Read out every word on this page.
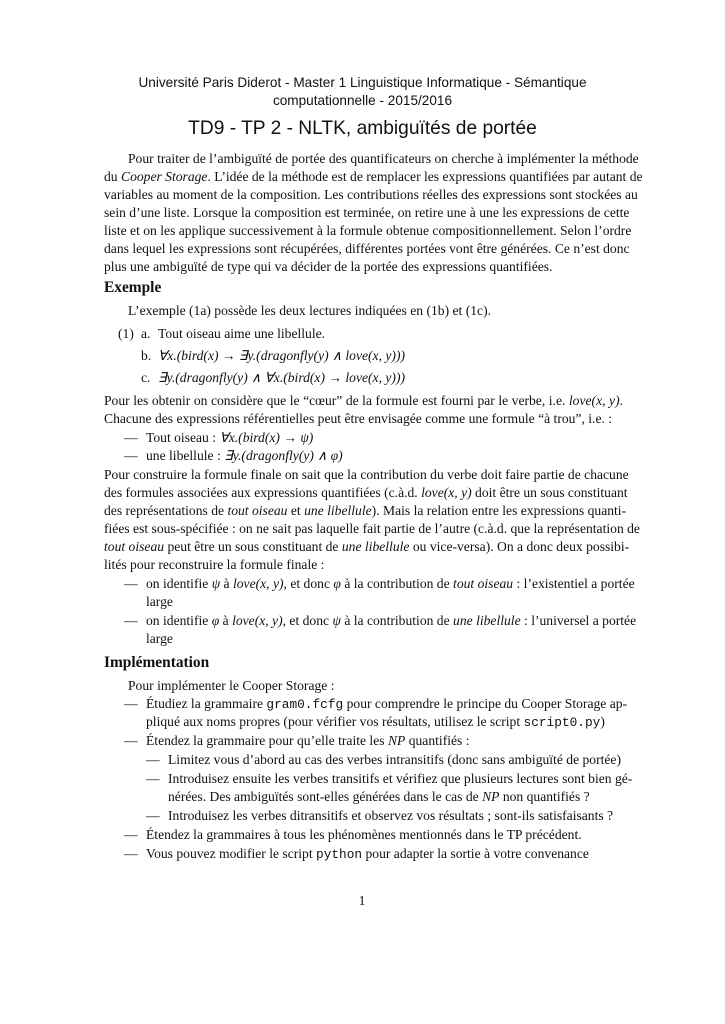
Université Paris Diderot - Master 1 Linguistique Informatique - Sémantique
computationnelle - 2015/2016
TD9 - TP 2 - NLTK, ambiguïtés de portée
Pour traiter de l’ambiguïté de portée des quantificateurs on cherche à implémenter la méthode
du Cooper Storage. L’idée de la méthode est de remplacer les expressions quantifiées par autant de
variables au moment de la composition. Les contributions réelles des expressions sont stockées au
sein d’une liste. Lorsque la composition est terminée, on retire une à une les expressions de cette
liste et on les applique successivement à la formule obtenue compositionnellement. Selon l’ordre
dans lequel les expressions sont récupérées, différentes portées vont être générées. Ce n’est donc
plus une ambiguïté de type qui va décider de la portée des expressions quantifiées.
Exemple
L’exemple (1a) possède les deux lectures indiquées en (1b) et (1c).
(1) a. Tout oiseau aime une libellule.
b. ∀x.(bird(x) → ∃y.(dragonfly(y) ∧ love(x, y)))
c. ∃y.(dragonfly(y) ∧ ∀x.(bird(x) → love(x, y)))
Pour les obtenir on considère que le “cœur” de la formule est fourni par le verbe, i.e. love(x, y).
Chacune des expressions référentielles peut être envisagée comme une formule “à trou”, i.e. :
— Tout oiseau : ∀x.(bird(x) → ψ)
— une libellule : ∃y.(dragonfly(y) ∧ φ)
Pour construire la formule finale on sait que la contribution du verbe doit faire partie de chacune
des formules associées aux expressions quantifiées (c.à.d. love(x, y) doit être un sous constituant
des représentations de tout oiseau et une libellule). Mais la relation entre les expressions quanti-
fiées est sous-spécifiée : on ne sait pas laquelle fait partie de l’autre (c.à.d. que la représentation de
tout oiseau peut être un sous constituant de une libellule ou vice-versa). On a donc deux possibi-
lités pour reconstruire la formule finale :
— on identifie ψ à love(x, y), et donc φ à la contribution de tout oiseau : l’existentiel a portée
large
— on identifie φ à love(x, y), et donc ψ à la contribution de une libellule : l’universel a portée
large
Implémentation
Pour implémenter le Cooper Storage :
— Étudiez la grammaire gram0.fcfg pour comprendre le principe du Cooper Storage ap-
pliqué aux noms propres (pour vérifier vos résultats, utilisez le script script0.py)
— Étendez la grammaire pour qu’elle traite les NP quantifiés :
— Limitez vous d’abord au cas des verbes intransitifs (donc sans ambiguïté de portée)
— Introduisez ensuite les verbes transitifs et vérifiez que plusieurs lectures sont bien gé-
nérées. Des ambiguïtés sont-elles générées dans le cas de NP non quantifiés ?
— Introduisez les verbes ditransitifs et observez vos résultats ; sont-ils satisfaisants ?
— Étendez la grammaires à tous les phénomènes mentionnés dans le TP précédent.
— Vous pouvez modifier le script python pour adapter la sortie à votre convenance
1
